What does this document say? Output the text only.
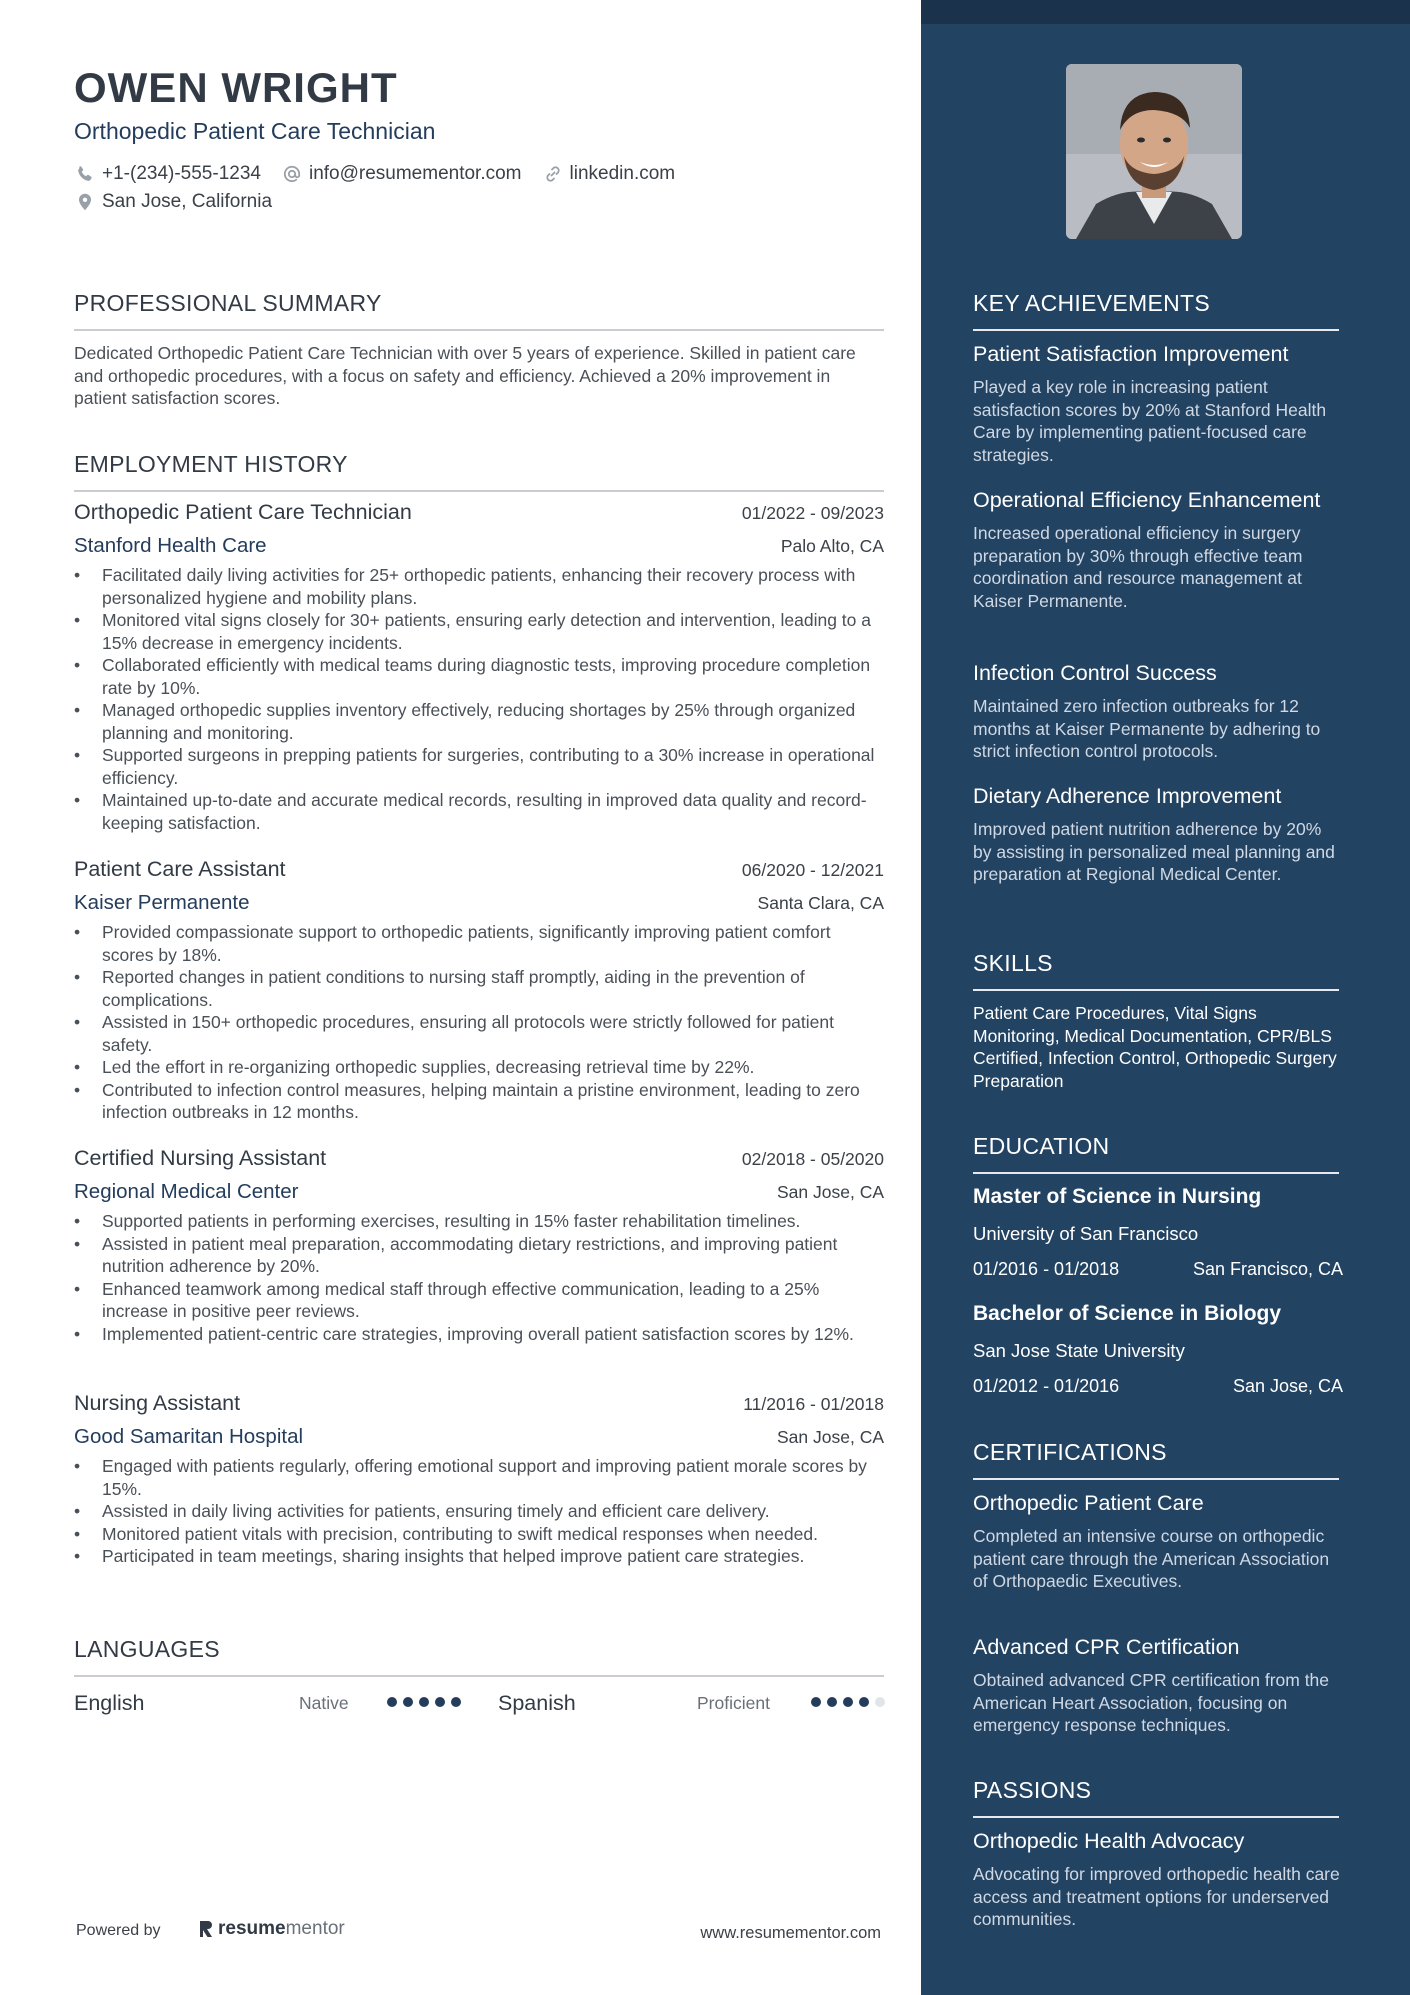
OWEN WRIGHT
Orthopedic Patient Care Technician
+1-(234)-555-1234	info@resumementor.com	linkedin.com
San Jose, California
PROFESSIONAL SUMMARY
Dedicated Orthopedic Patient Care Technician with over 5 years of experience. Skilled in patient care and orthopedic procedures, with a focus on safety and efficiency. Achieved a 20% improvement in patient satisfaction scores.
EMPLOYMENT HISTORY
Orthopedic Patient Care Technician	01/2022 - 09/2023
Stanford Health Care	Palo Alto, CA
• Facilitated daily living activities for 25+ orthopedic patients, enhancing their recovery process with personalized hygiene and mobility plans.
• Monitored vital signs closely for 30+ patients, ensuring early detection and intervention, leading to a 15% decrease in emergency incidents.
• Collaborated efficiently with medical teams during diagnostic tests, improving procedure completion rate by 10%.
• Managed orthopedic supplies inventory effectively, reducing shortages by 25% through organized planning and monitoring.
• Supported surgeons in prepping patients for surgeries, contributing to a 30% increase in operational efficiency.
• Maintained up-to-date and accurate medical records, resulting in improved data quality and record-keeping satisfaction.
Patient Care Assistant	06/2020 - 12/2021
Kaiser Permanente	Santa Clara, CA
• Provided compassionate support to orthopedic patients, significantly improving patient comfort scores by 18%.
• Reported changes in patient conditions to nursing staff promptly, aiding in the prevention of complications.
• Assisted in 150+ orthopedic procedures, ensuring all protocols were strictly followed for patient safety.
• Led the effort in re-organizing orthopedic supplies, decreasing retrieval time by 22%.
• Contributed to infection control measures, helping maintain a pristine environment, leading to zero infection outbreaks in 12 months.
Certified Nursing Assistant	02/2018 - 05/2020
Regional Medical Center	San Jose, CA
• Supported patients in performing exercises, resulting in 15% faster rehabilitation timelines.
• Assisted in patient meal preparation, accommodating dietary restrictions, and improving patient nutrition adherence by 20%.
• Enhanced teamwork among medical staff through effective communication, leading to a 25% increase in positive peer reviews.
• Implemented patient-centric care strategies, improving overall patient satisfaction scores by 12%.
Nursing Assistant	11/2016 - 01/2018
Good Samaritan Hospital	San Jose, CA
• Engaged with patients regularly, offering emotional support and improving patient morale scores by 15%.
• Assisted in daily living activities for patients, ensuring timely and efficient care delivery.
• Monitored patient vitals with precision, contributing to swift medical responses when needed.
• Participated in team meetings, sharing insights that helped improve patient care strategies.
LANGUAGES
English	Native	Spanish	Proficient
Powered by	resume mentor	www.resumementor.com
KEY ACHIEVEMENTS
Patient Satisfaction Improvement
Played a key role in increasing patient satisfaction scores by 20% at Stanford Health Care by implementing patient-focused care strategies.
Operational Efficiency Enhancement
Increased operational efficiency in surgery preparation by 30% through effective team coordination and resource management at Kaiser Permanente.
Infection Control Success
Maintained zero infection outbreaks for 12 months at Kaiser Permanente by adhering to strict infection control protocols.
Dietary Adherence Improvement
Improved patient nutrition adherence by 20% by assisting in personalized meal planning and preparation at Regional Medical Center.
SKILLS
Patient Care Procedures, Vital Signs Monitoring, Medical Documentation, CPR/BLS Certified, Infection Control, Orthopedic Surgery Preparation
EDUCATION
Master of Science in Nursing
University of San Francisco
01/2016 - 01/2018	San Francisco, CA
Bachelor of Science in Biology
San Jose State University
01/2012 - 01/2016	San Jose, CA
CERTIFICATIONS
Orthopedic Patient Care
Completed an intensive course on orthopedic patient care through the American Association of Orthopaedic Executives.
Advanced CPR Certification
Obtained advanced CPR certification from the American Heart Association, focusing on emergency response techniques.
PASSIONS
Orthopedic Health Advocacy
Advocating for improved orthopedic health care access and treatment options for underserved communities.
